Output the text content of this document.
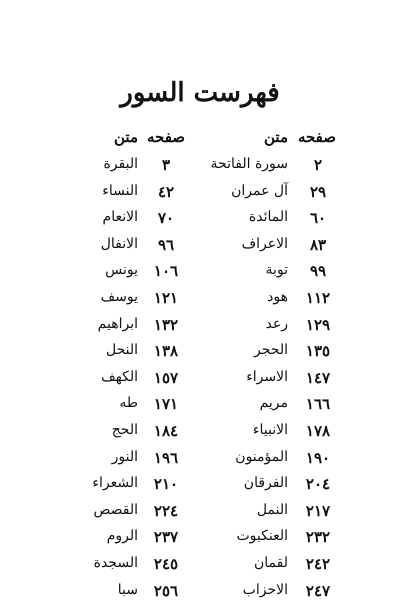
فهرست السور
صفحه
متن
صفحه
متن
٢
سورة الفاتحة
٣
البقرة
٢٩
آل عمران
٤٢
النساء
٦٠
المائدة
٧٠
الانعام
٨٣
الاعراف
٩٦
الانفال
٩٩
توبة
١٠٦
يونس
١١٢
هود
١٢١
يوسف
١٢٩
رعد
١٣٢
ابراهيم
١٣٥
الحجر
١٣٨
النحل
١٤٧
الاسراء
١٥٧
الكهف
١٦٦
مريم
١٧١
طه
١٧٨
الانبياء
١٨٤
الحج
١٩٠
المؤمنون
١٩٦
النور
٢٠٤
الفرقان
٢١٠
الشعراء
٢١٧
النمل
٢٢٤
القصص
٢٣٢
العنكبوت
٢٣٧
الروم
٢٤٢
لقمان
٢٤٥
السجدة
٢٤٧
الاحزاب
٢٥٦
سبا
